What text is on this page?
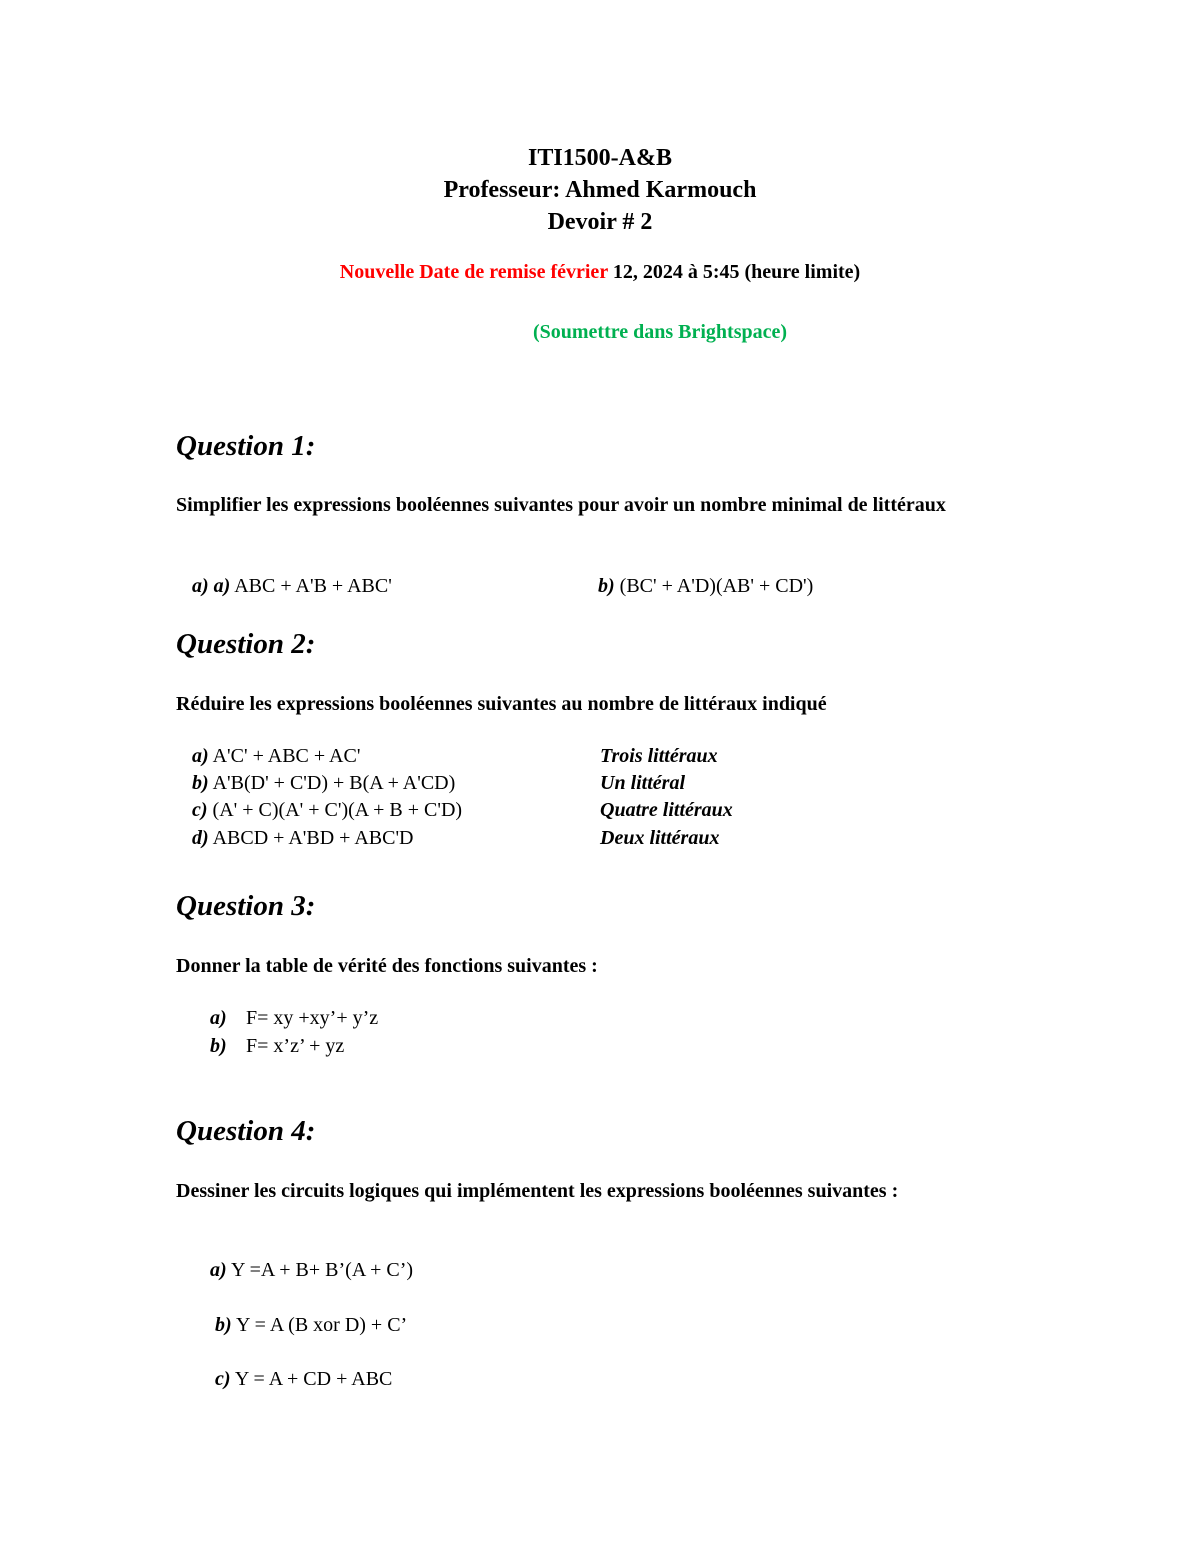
ITI1500-A&B
Professeur: Ahmed Karmouch
Devoir # 2
Nouvelle Date de remise février 12, 2024 à 5:45 (heure limite)
(Soumettre dans Brightspace)
Question 1:
Simplifier les expressions booléennes suivantes pour avoir un nombre minimal de littéraux
a) a) ABC + A'B + ABC'	b) (BC' + A'D)(AB' + CD')
Question 2:
Réduire les expressions booléennes suivantes au nombre de littéraux indiqué
a) A'C' + ABC + AC'	Trois littéraux
b) A'B(D' + C'D) + B(A + A'CD)	Un littéral
c) (A' + C)(A' + C')(A + B + C'D)	Quatre littéraux
d) ABCD + A'BD + ABC'D	Deux littéraux
Question 3:
Donner la table de vérité des fonctions suivantes :
a) F= xy +xy’+ y’z
b) F= x’z’ + yz
Question 4:
Dessiner les circuits logiques qui implémentent les expressions booléennes suivantes :
a) Y =A + B+ B’(A + C’)
b) Y = A (B xor D) + C’
c) Y = A + CD + ABC
